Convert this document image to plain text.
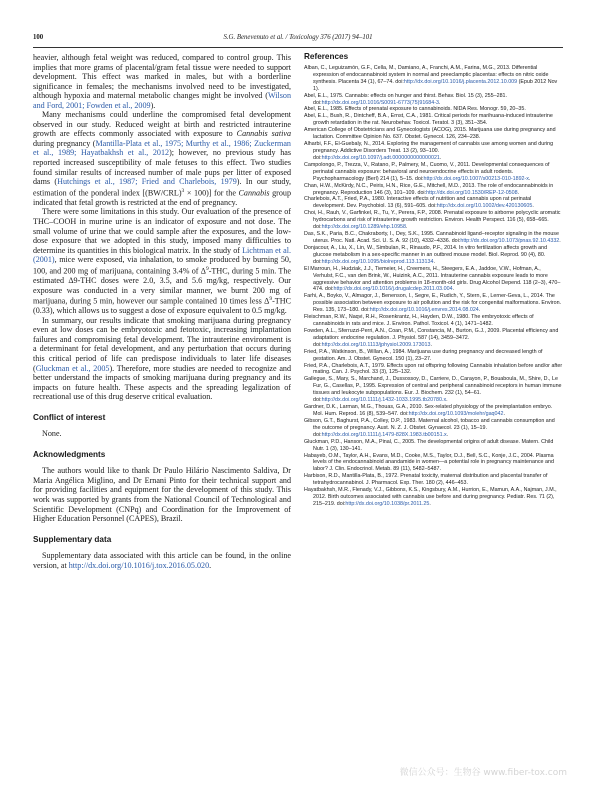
100	S.G. Benevenuto et al. / Toxicology 376 (2017) 94–101

heavier, although fetal weight was reduced, compared to control group. This implies that more grams of placental/gram fetal tissue were needed to support development. This effect was marked in males, but with a borderline significance in females; the mechanisms involved need to be investigated, although hypoxia and maternal metabolic changes might be involved (Wilson and Ford, 2001; Fowden et al., 2009).

Many mechanisms could underline the compromised fetal development observed in our study. Reduced weight at birth and restricted intrauterine growth are effects commonly associated with exposure to Cannabis sativa during pregnancy (Mantilla-Plata et al., 1975; Murthy et al., 1986; Zuckerman et al., 1989; Hayatbakhsh et al., 2012); however, no previous study has reported increased susceptibility of male fetuses to this effect. Two studies found similar results of increased number of male pups per litter of exposed dams (Hutchings et al., 1987; Fried and Charlebois, 1979). In our study, estimation of the ponderal index $[(BW/CRL)^3 \times 100)$] for the Cannabis group indicated that fetal growth is restricted at the end of pregnancy.

There were some limitations in this study. Our evaluation of the presence of THC–COOH in murine urine is an indicator of exposure and not dose. The small volume of urine that we could sample after the exposures, and the low-dose exposure that we adopted in this study, imposed many difficulties to determine its quantities in this biological matrix. In the study of Lichtman et al. (2001), mice were exposed, via inhalation, to smoke produced by burning 50, 100, and 200 mg of marijuana, containing 3.4% of $\Delta^9$-THC, during 5 min. The estimated Δ9-THC doses were 2.0, 3.5, and 5.6 mg/kg, respectively. Our exposure was conducted in a very similar manner, we burnt 200 mg of marijuana, during 5 min, however our sample contained 10 times less $\Delta^9$-THC (0.33), which allows us to suggest a dose of exposure equivalent to 0.5 mg/kg.

In summary, our results indicate that smoking marijuana during pregnancy even at low doses can be embryotoxic and fetotoxic, increasing implantation failures and compromising fetal development. The intrauterine environment is a determinant for fetal development, and any perturbation that occurs during this critical period of life can predispose individuals to later life diseases (Gluckman et al., 2005). Therefore, more studies are needed to recognize and better understand the impacts of smoking marijuana during pregnancy and its impacts on future health. These aspects and the spreading legalization of recreational use of this drug deserve critical evaluation.

Conflict of interest

None.

Acknowledgments

The authors would like to thank Dr Paulo Hilário Nascimento Saldiva, Dr Maria Angélica Miglino, and Dr Ernani Pinto for their technical support and for providing facilities and equipment for the development of this study. This work was supported by grants from the National Council of Technological and Scientific Development (CNPq) and Coordination for the Improvement of Higher Education Personnel (CAPES), Brazil.

Supplementary data

Supplementary data associated with this article can be found, in the online version, at http://dx.doi.org/10.1016/j.tox.2016.05.020.

References

Alban, C., Leguizamón, G.F., Cella, M., Damiano, A., Franchi, A.M., Farina, M.G., 2013. Differential expression of endocannabinoid system in normal and preeclamptic placentas: effects on nitric oxide synthesis. Placenta 34 (1), 67–74. doi:http://dx.doi.org/10.1016/j.placenta.2012.10.009 (Epub 2012 Nov 1).

Abel, E.L., 1975. Cannabis: effects on hunger and thirst. Behav. Biol. 15 (3), 255–281. doi:http://dx.doi.org/10.1016/S0091-6773(75)91684-3.

Abel, E.L., 1985. Effects of prenatal exposure to cannabinoids. NIDA Res. Monogr. 59, 20–35.

Abel, E.L., Bush, R., Dintcheff, B.A., Ernst, C.A., 1981. Critical periods for marihuana-induced intrauterine growth retardation in the rat. Neurobehav. Toxicol. Teratol. 3 (3), 351–354.

American College of Obstetricians and Gynecologists (ACOG), 2015. Marijuana use during pregnancy and lactation. Committee Opinion No. 637. Obstet. Gynecol. 126, 234–238.

Alharbi, F.F., El-Guebaly, N., 2014. Exploring the management of cannabis use among women and during pregnancy. Addictive Disorders Treat. 13 (2), 93–100. doi:http://dx.doi.org/10.1097/j.adt.0000000000000021.

Campolongo, P., Trezza, V., Ratano, P., Palmery, M., Cuomo, V., 2011. Developmental consequences of perinatal cannabis exposure: behavioral and neuroendocrine effects in adult rodents. Psychopharmacology (Berl) 214 (1), 5–15. doi:http://dx.doi.org/10.1007/s00213-010-1892-x.

Chan, H.W., McKirdy, N.C., Peiris, H.N., Rice, G.E., Mitchell, M.D., 2013. The role of endocannabinoids in pregnancy. Reproduction 146 (3), 101–109. doi:http://dx.doi.org/10.1530/REP-12-0508.

Charlebois, A.T., Fried, P.A., 1980. Interactive effects of nutrition and cannabis upon rat perinatal development. Dev. Psychobiol. 13 (6), 591–605. doi:http://dx.doi.org/10.1002/dev.420130605.

Choi, H., Rauh, V., Garfinkel, R., Tu, Y., Perera, F.P., 2008. Prenatal exposure to airborne polycyclic aromatic hydrocarbons and risk of intrauterine growth restriction. Environ. Health Perspect. 116 (5), 658–665. doi:http://dx.doi.org/10.1289/ehp.10958.

Das, S.K., Paria, B.C., Chakraborty, I., Dey, S.K., 1995. Cannabinoid ligand–receptor signaling in the mouse uterus. Proc. Natl. Acad. Sci. U. S. A. 92 (10), 4332–4336. doi:http://dx.doi.org/10.1073/pnas.92.10.4332.

Donjacour, A., Liu, X., Lin, W., Simbulan, R., Rinaudo, P.F., 2014. In vitro fertilization affects growth and glucose metabolism in a sex-specific manner in an outbred mouse model. Biol. Reprod. 90 (4), 80. doi:http://dx.doi.org/10.1095/biolreprod.113.113134.

El Marroun, H., Hudziak, J.J., Tiemeier, H., Creemers, H., Steegers, E.A., Jaddoe, V.W., Hofman, A., Verhulst, F.C., van den Brink, W., Huizink, A.C., 2011. Intrauterine cannabis exposure leads to more aggressive behavior and attention problems in 18-month-old girls. Drug Alcohol Depend. 118 (2–3), 470–474. doi:http://dx.doi.org/10.1016/j.drugalcdep.2011.03.004.

Farhi, A., Boyko, V., Almagor, J., Benenson, I., Segre, E., Rudich, Y., Stern, E., Lerner-Geva, L., 2014. The possible association between exposure to air pollution and the risk for congenital malformations. Environ. Res. 135, 173–180. doi:http://dx.doi.org/10.1016/j.envres.2014.08.024.

Fleischman, R.W., Naqvi, R.H., Rosenkrantz, H., Hayden, D.W., 1980. The embryotoxic effects of cannabinoids in rats and mice. J. Environ. Pathol. Toxicol. 4 (1), 1471–1482.

Fowden, A.L., Sferruzzi-Perri, A.N., Coan, P.M., Constancia, M., Burton, G.J., 2009. Placental efficiency and adaptation: endocrine regulation. J. Physiol. 587 (14), 3459–3472. doi:http://dx.doi.org/10.1113/jphysiol.2009.173013.

Fried, P.A., Watkinson, B., Willan, A., 1984. Marijuana use during pregnancy and decreased length of gestation. Am. J. Obstet. Gynecol. 150 (1), 23–27.

Fried, P.A., Charlebois, A.T., 1979. Effects upon rat offspring following Cannabis inhalation before and/or after mating. Can. J. Psychol. 33 (3), 125–132.

Gallegue, S., Mary, S., Marchand, J., Dussossoy, D., Carriere, D., Carayon, P., Bouaboula, M., Shire, D., Le Fur, G., Casellas, P., 1995. Expression of central and peripheral cannabinoid receptors in human immune tissues and leukocyte subpopulations. Eur. J. Biochem. 232 (1), 54–61. doi:http://dx.doi.org/10.1111/j.1432-1033.1995.tb20780.x.

Gardner, D.K., Larman, M.G., Thouas, G.A., 2010. Sex-related physiology of the preimplantation embryo. Mol. Hum. Reprod. 16 (8), 539–547. doi:http://dx.doi.org/10.1093/molehr/gaq042.

Gibson, G.T., Baghurst, P.A., Colley, D.P., 1983. Maternal alcohol, tobacco and cannabis consumption and the outcome of pregnancy. Aust. N. Z. J. Obstet. Gynaecol. 23 (1), 15–19. doi:http://dx.doi.org/10.1111/j.1479-828X.1983.tb00151.x.

Gluckman, P.D., Hanson, M.A., Pinal, C., 2005. The developmental origins of adult disease. Matern. Child Nutr. 1 (3), 130–141.

Habayeb, O.M., Taylor, A.H., Evans, M.D., Cooke, M.S., Taylor, D.J., Bell, S.C., Konje, J.C., 2004. Plasma levels of the endocannabinoid anandamide in women—a potential role in pregnancy maintenance and labor? J. Clin. Endocrinol. Metab. 89 (11), 5482–5487.

Harbison, R.D., Mantilla-Plata, B., 1972. Prenatal toxicity, maternal distribution and placental transfer of tetrahydrocannabinol. J. Pharmacol. Exp. Ther. 180 (2), 446–453.

Hayatbakhsh, M.R., Flenady, V.J., Gibbons, K.S., Kingsbury, A.M., Hurrion, E., Mamun, A.A., Najman, J.M., 2012. Birth outcomes associated with cannabis use before and during pregnancy. Pediatr. Res. 71 (2), 215–219. doi:http://dx.doi.org/10.1038/pr.2011.25.

微信公众号：生物谷 www.fiber-tox.com
